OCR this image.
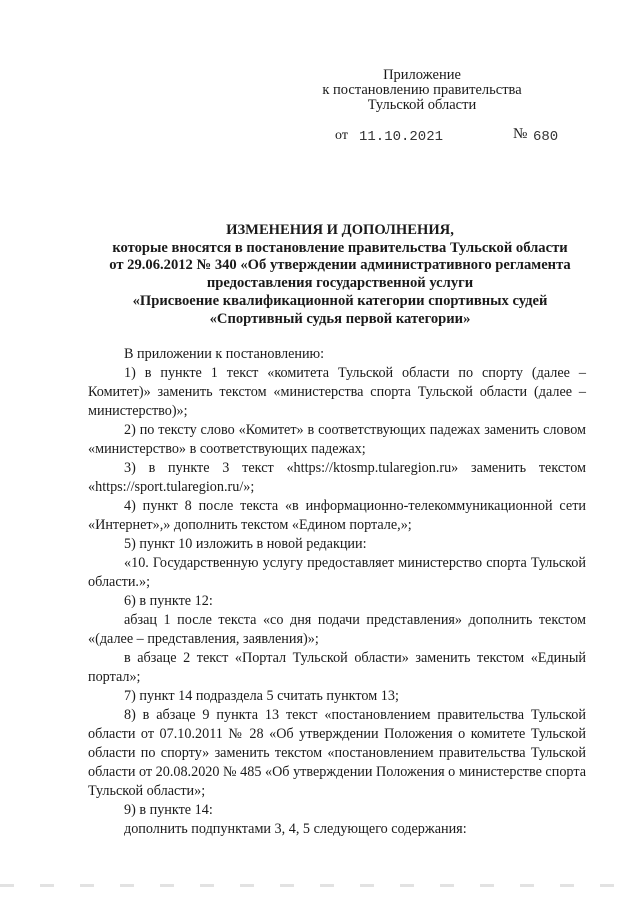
Приложение
к постановлению правительства
Тульской области
от 11.10.2021	№ 680
ИЗМЕНЕНИЯ И ДОПОЛНЕНИЯ,
которые вносятся в постановление правительства Тульской области
от 29.06.2012 № 340 «Об утверждении административного регламента
предоставления государственной услуги
«Присвоение квалификационной категории спортивных судей
«Спортивный судья первой категории»

В приложении к постановлению:

1) в пункте 1 текст «комитета Тульской области по спорту (далее – Комитет)» заменить текстом «министерства спорта Тульской области (далее – министерство)»;

2) по тексту слово «Комитет» в соответствующих падежах заменить словом «министерство» в соответствующих падежах;

3) в пункте 3 текст «https://ktosmp.tularegion.ru» заменить текстом «https://sport.tularegion.ru/»;

4) пункт 8 после текста «в информационно-телекоммуникационной сети «Интернет»,» дополнить текстом «Едином портале,»;

5) пункт 10 изложить в новой редакции:

«10. Государственную услугу предоставляет министерство спорта Тульской области.»;

6) в пункте 12:

абзац 1 после текста «со дня подачи представления» дополнить текстом «(далее – представления, заявления)»;

в абзаце 2 текст «Портал Тульской области» заменить текстом «Единый портал»;

7) пункт 14 подраздела 5 считать пунктом 13;

8) в абзаце 9 пункта 13 текст «постановлением правительства Тульской области от 07.10.2011 № 28 «Об утверждении Положения о комитете Тульской области по спорту» заменить текстом «постановлением правительства Тульской области от 20.08.2020 № 485 «Об утверждении Положения о министерстве спорта Тульской области»;

9) в пункте 14:

дополнить подпунктами 3, 4, 5 следующего содержания:
